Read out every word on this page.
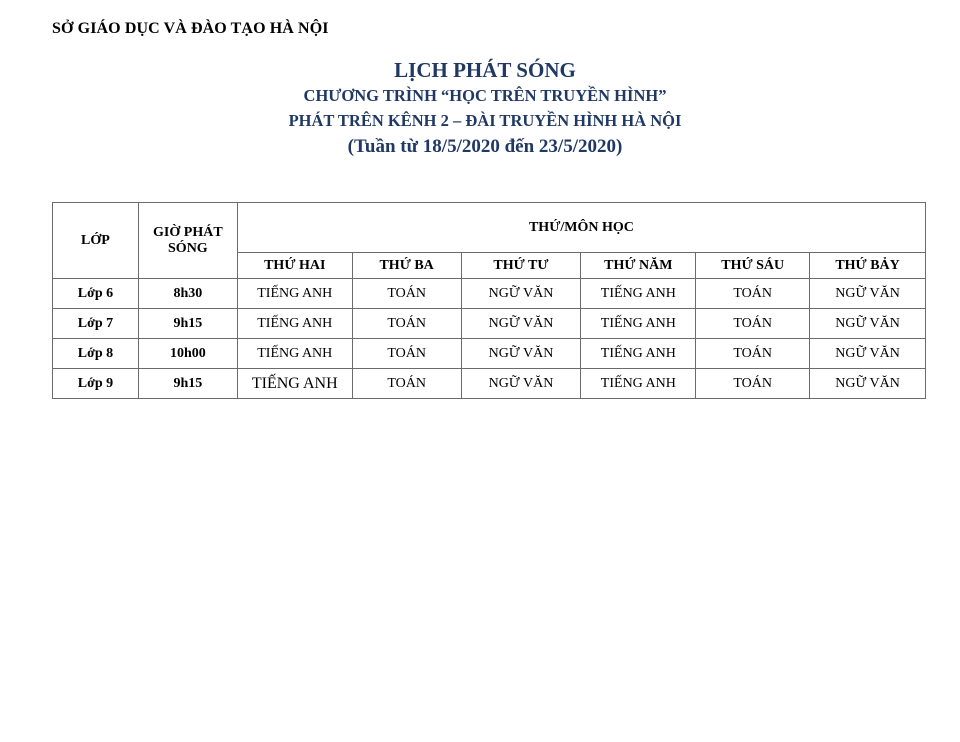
SỞ GIÁO DỤC VÀ ĐÀO TẠO HÀ NỘI
LỊCH PHÁT SÓNG
CHƯƠNG TRÌNH “HỌC TRÊN TRUYỀN HÌNH”
PHÁT TRÊN KÊNH 2 – ĐÀI TRUYỀN HÌNH HÀ NỘI
(Tuần từ 18/5/2020 đến 23/5/2020)
LỚP	GIỜ PHÁT SÓNG	THỨ/MÔN HỌC					
		THỨ HAI	THỨ BA	THỨ TƯ	THỨ NĂM	THỨ SÁU	THỨ BẢY
Lớp 6	8h30	TIẾNG ANH	TOÁN	NGỮ VĂN	TIẾNG ANH	TOÁN	NGỮ VĂN
Lớp 7	9h15	TIẾNG ANH	TOÁN	NGỮ VĂN	TIẾNG ANH	TOÁN	NGỮ VĂN
Lớp 8	10h00	TIẾNG ANH	TOÁN	NGỮ VĂN	TIẾNG ANH	TOÁN	NGỮ VĂN
Lớp 9	9h15	TIẾNG ANH	TOÁN	NGỮ VĂN	TIẾNG ANH	TOÁN	NGỮ VĂN
